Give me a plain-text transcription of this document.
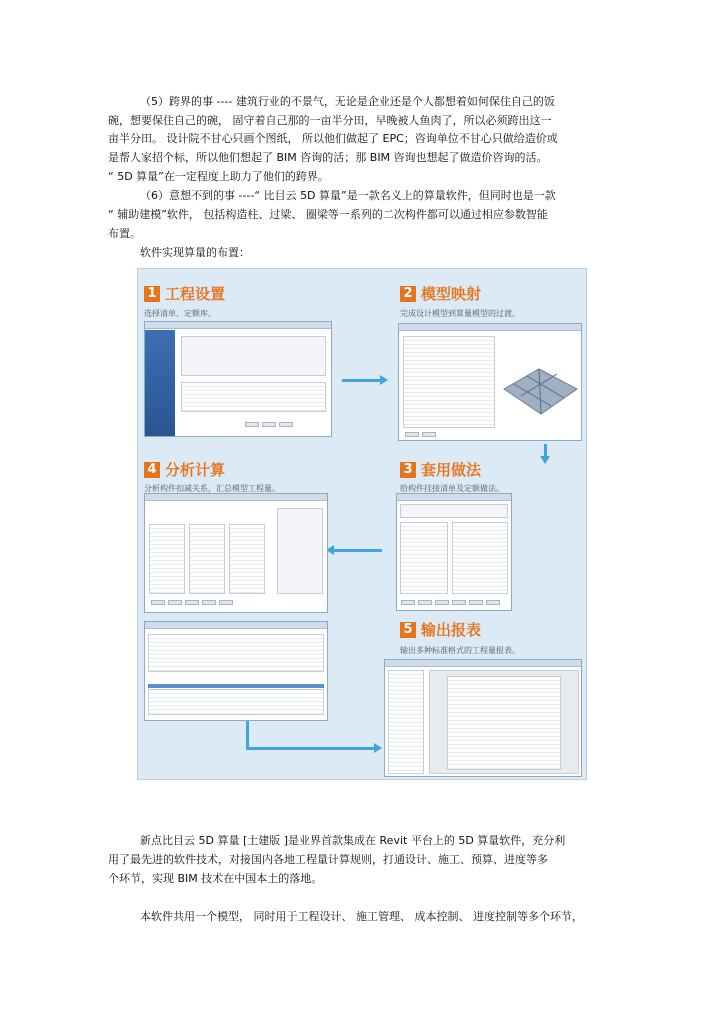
（5）跨界的事 ---- 建筑行业的不景气，无论是企业还是个人都想着如何保住自己的饭
碗，想要保住自己的碗， 固守着自己那的一亩半分田，早晚被人鱼肉了，所以必须跨出这一
亩半分田。 设计院不甘心只画个图纸， 所以他们做起了 EPC；咨询单位不甘心只做给造价或
是帮人家招个标，所以他们想起了 BIM 咨询的活；那 BIM 咨询也想起了做造价咨询的活。
“ 5D 算量”在一定程度上助力了他们的跨界。
（6）意想不到的事 ----“ 比目云 5D 算量”是一款名义上的算量软件，但同时也是一款
“ 辅助建模”软件， 包括构造柱、过梁、 圈梁等一系列的二次构件都可以通过相应参数智能
布置。
软件实现算量的布置：
1 工程设置
选择清单、定额库。
2 模型映射
完成设计模型到算量模型的过渡。
4 分析计算
分析构件扣减关系，汇总模型工程量。
3 套用做法
给构件挂接清单及定额做法。
5 输出报表
输出多种标准格式的工程量报表。
新点比目云 5D 算量 [土建版 ]是业界首款集成在 Revit 平台上的 5D 算量软件，充分利
用了最先进的软件技术，对接国内各地工程量计算规则，打通设计、施工、预算、进度等多
个环节，实现 BIM 技术在中国本土的落地。
本软件共用一个模型， 同时用于工程设计、 施工管理、 成本控制、 进度控制等多个环节，
